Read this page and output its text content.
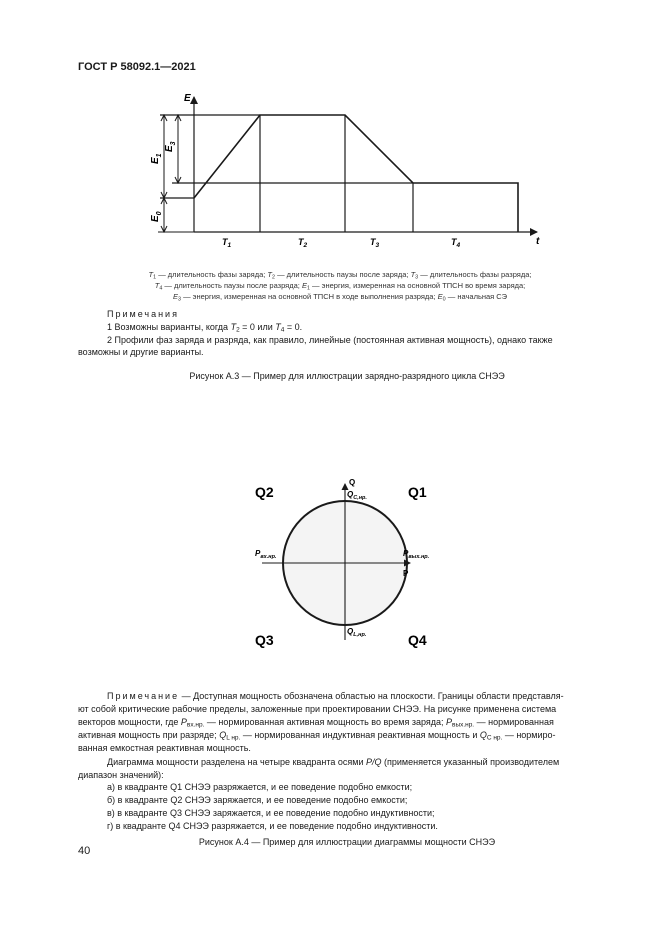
ГОСТ Р 58092.1—2021
E
t
$E_1$
$E_3$
$E_0$
$T_1$	$T_2$	$T_3$	$T_4$
$T_1$ — длительность фазы заряда; $T_2$ — длительность паузы после заряда; $T_3$ — длительность фазы разряда;
$T_4$ — длительность паузы после разряда; $E_1$ — энергия, измеренная на основной ТПСН во время заряда;
$E_3$ — энергия, измеренная на основной ТПСН в ходе выполнения разряда; $E_0$ — начальная СЭ
Примечания
1 Возможны варианты, когда $T_2 = 0$ или $T_4 = 0$.
2 Профили фаз заряда и разряда, как правило, линейные (постоянная активная мощность), однако также
возможны и другие варианты.
Рисунок А.3 — Пример для иллюстрации зарядно-разрядного цикла СНЭЭ
Q2	Q1
Q3	Q4
Q
P
$Q_{C,нр.}$
$Q_{L,нр.}$
$P_{вх.нр.}$	$P_{вых.нр.}$
Примечание — Доступная мощность обозначена областью на плоскости. Границы области представля-
ют собой критические рабочие пределы, заложенные при проектировании СНЭЭ. На рисунке применена система
векторов мощности, где $P_{вх.нр.}$ — нормированная активная мощность во время заряда; $P_{вых.нр.}$ — нормированная
активная мощность при разряде; $Q_{L нр.}$ — нормированная индуктивная реактивная мощность и $Q_{C нр.}$ — нормиро-
ванная емкостная реактивная мощность.
Диаграмма мощности разделена на четыре квадранта осями P/Q (применяется указанный производителем
диапазон значений):
а) в квадранте Q1 СНЭЭ разряжается, и ее поведение подобно емкости;
б) в квадранте Q2 СНЭЭ заряжается, и ее поведение подобно емкости;
в) в квадранте Q3 СНЭЭ заряжается, и ее поведение подобно индуктивности;
г) в квадранте Q4 СНЭЭ разряжается, и ее поведение подобно индуктивности.
Рисунок А.4 — Пример для иллюстрации диаграммы мощности СНЭЭ
40
